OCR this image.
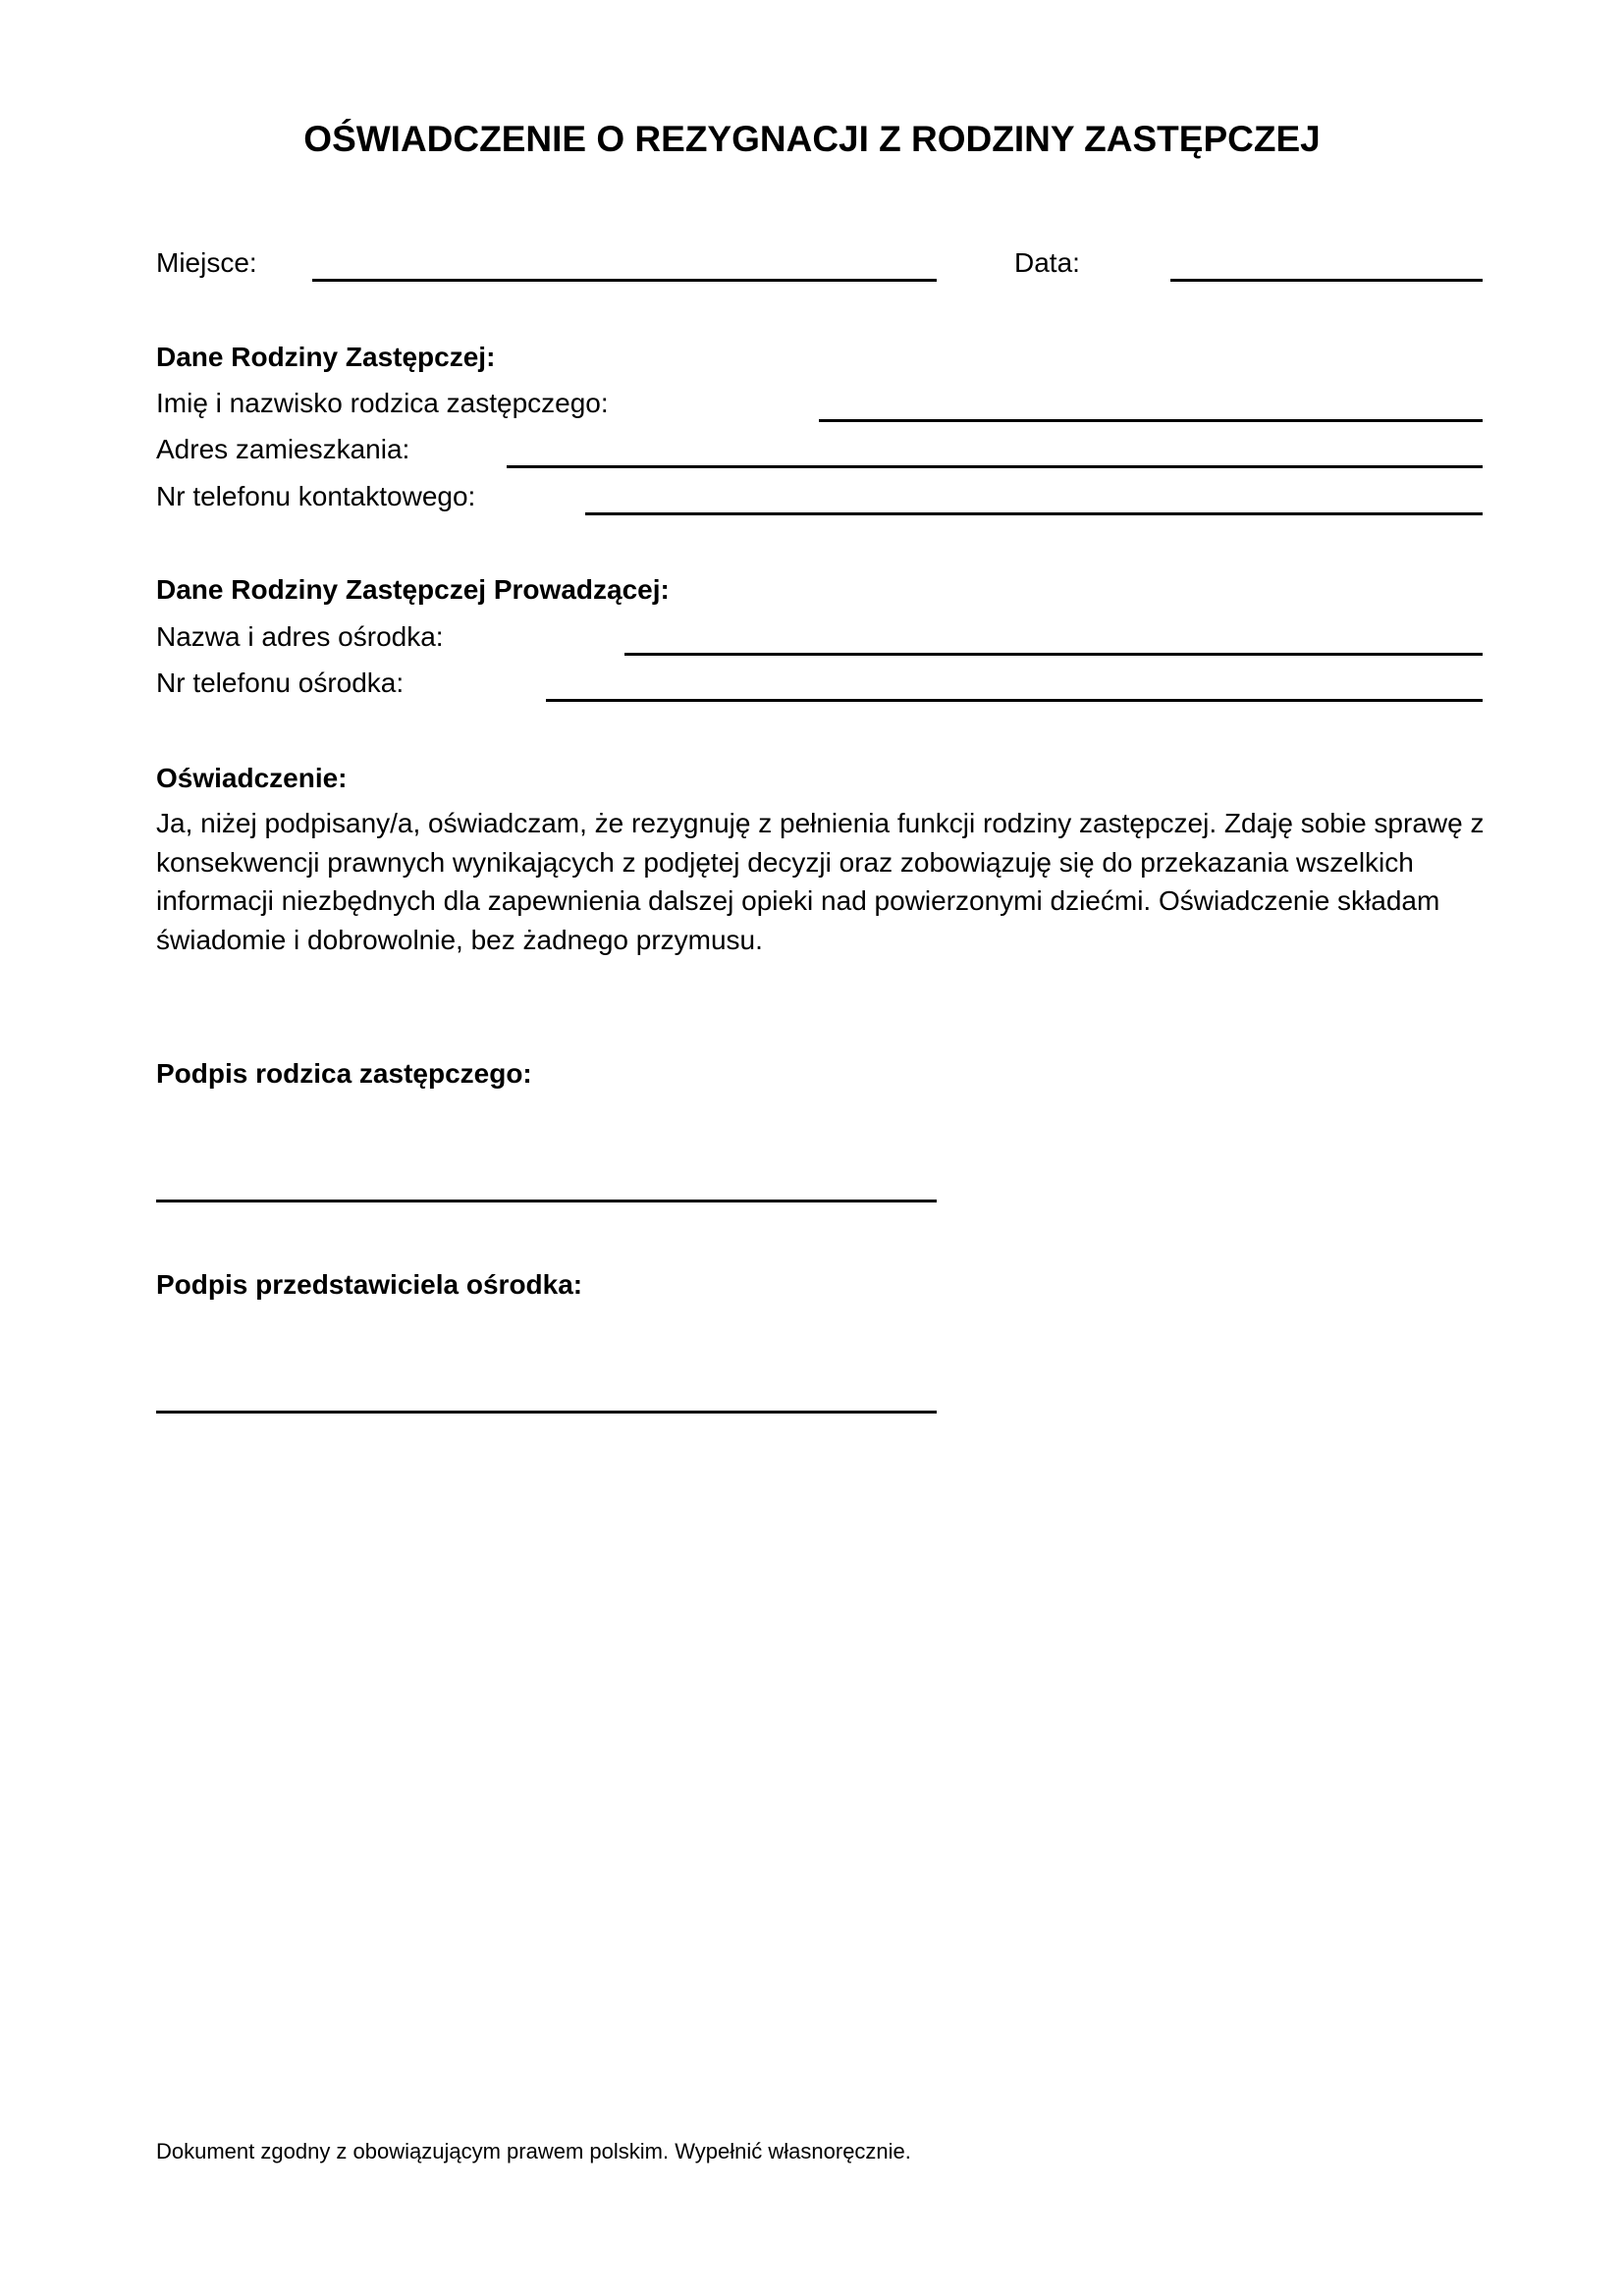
OŚWIADCZENIE O REZYGNACJI Z RODZINY ZASTĘPCZEJ
Miejsce:	Data:
Dane Rodziny Zastępczej:
Imię i nazwisko rodzica zastępczego:
Adres zamieszkania:
Nr telefonu kontaktowego:
Dane Rodziny Zastępczej Prowadzącej:
Nazwa i adres ośrodka:
Nr telefonu ośrodka:
Oświadczenie:
Ja, niżej podpisany/a, oświadczam, że rezygnuję z pełnienia funkcji rodziny zastępczej. Zdaję sobie sprawę z konsekwencji prawnych wynikających z podjętej decyzji oraz zobowiązuję się do przekazania wszelkich informacji niezbędnych dla zapewnienia dalszej opieki nad powierzonymi dziećmi. Oświadczenie składam świadomie i dobrowolnie, bez żadnego przymusu.
Podpis rodzica zastępczego:
Podpis przedstawiciela ośrodka:
Dokument zgodny z obowiązującym prawem polskim. Wypełnić własnoręcznie.
